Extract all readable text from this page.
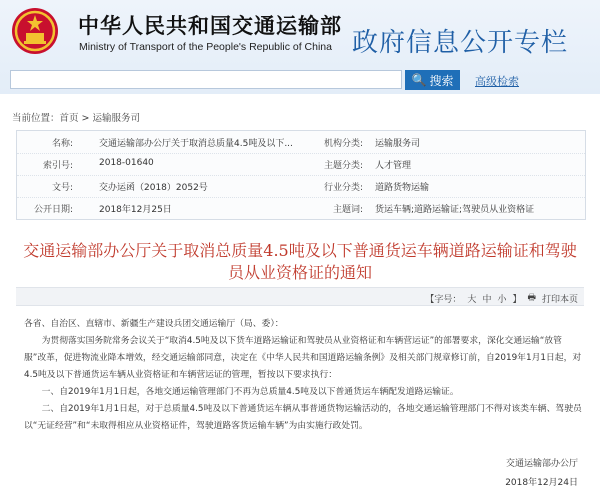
中华人民共和国交通运输部
Ministry of Transport of the People's Republic of China 政府信息公开专栏
🔍 搜索 高级检索
当前位置：首页 > 运输服务司
名称:	交通运输部办公厅关于取消总质量4.5吨及以下...	机构分类: 运输服务司
索引号:	2018-01640	主题分类: 人才管理
文号:	交办运函（2018）2052号	行业分类: 道路货物运输
公开日期:	2018年12月25日	主题词: 货运车辆;道路运输证;驾驶员从业资格证
交通运输部办公厅关于取消总质量4.5吨及以下普通货运车辆道路运输证和驾驶员从业资格证的通知
【字号： 大 中 小 】 🖶 打印本页

各省、自治区、直辖市、新疆生产建设兵团交通运输厅（局、委）：

为贯彻落实国务院常务会议关于“取消4.5吨及以下货车道路运输证和驾驶员从业资格证和车辆营运证”的部署要求，深化交通运输“放管服”改革，促进物流业降本增效，经交通运输部同意，决定在《中华人民共和国道路运输条例》及相关部门规章修订前，自2019年1月1日起，对4.5吨及以下普通货运车辆从业资格证和车辆营运证的管理，暂按以下要求执行：

一、自2019年1月1日起，各地交通运输管理部门不再为总质量4.5吨及以下普通货运车辆配发道路运输证。

二、自2019年1月1日起，对于总质量4.5吨及以下普通货运车辆从事普通货物运输活动的，各地交通运输管理部门不得对该类车辆、驾驶员以“无证经营”和“未取得相应从业资格证件，驾驶道路客货运输车辆”为由实施行政处罚。

交通运输部办公厅
2018年12月24日
